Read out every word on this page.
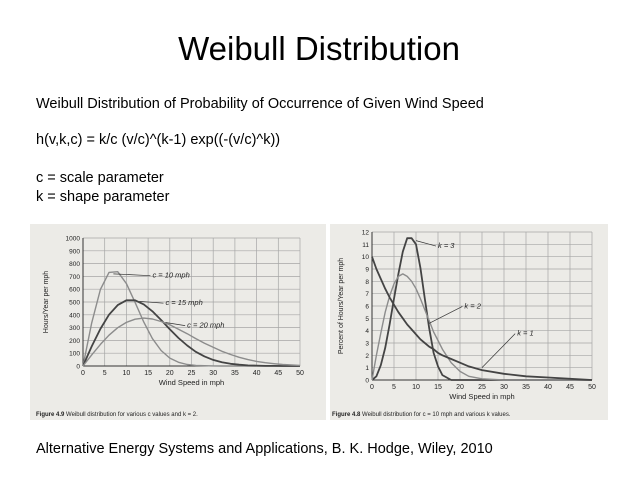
Weibull Distribution
Weibull Distribution of Probability of Occurrence of Given Wind Speed
h(v,k,c) = k/c (v/c)^(k-1) exp((-(v/c)^k))
c = scale parameter
k = shape parameter
0
100
200
300
400
500
600
700
800
900
1000
0	5 10 15 20 25 30 35 40 45 50
Wind Speed in mph
Hours/Year per mph	c = 10 mph
c = 15 mph
c = 20 mph
Figure 4.9 Weibull distribution for various c values and k = 2.
0
1
2
3
4
5
6
7
8
9
10
11
12
0	5 10 15 20 25 30 35 40 45 50
Wind Speed in mph
Percent of Hours/Year per mph
k = 3
k = 2
k = 1
Figure 4.8 Weibull distribution for c = 10 mph and various k values.
Alternative Energy Systems and Applications, B. K. Hodge, Wiley, 2010
